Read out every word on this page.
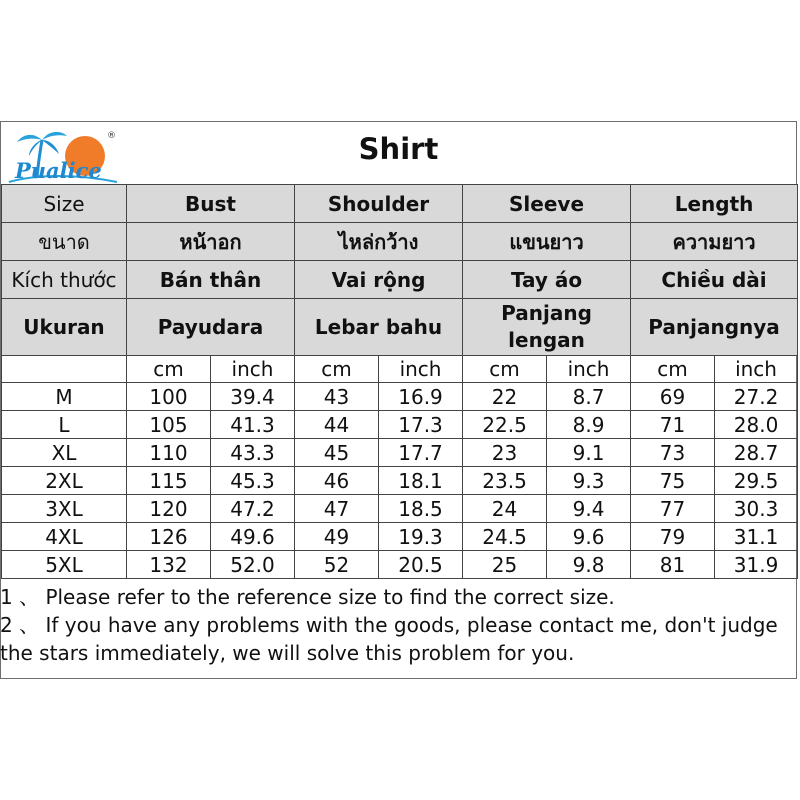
Pualice
®	Shirt
Size	Bust		Shoulder		Sleeve		Length	
ขนาด	หน้าอก		ไหล่กว้าง		แขนยาว		ความยาว	
Kích thước	Bán thân		Vai rộng		Tay áo		Chiều dài	
Ukuran	Payudara		Lebar bahu		Panjang lengan		Panjangnya	
	cm	inch	cm	inch	cm	inch	cm	inch
M	100	39.4	43	16.9	22	8.7	69	27.2
L	105	41.3	44	17.3	22.5	8.9	71	28.0
XL	110	43.3	45	17.7	23	9.1	73	28.7
2XL	115	45.3	46	18.1	23.5	9.3	75	29.5
3XL	120	47.2	47	18.5	24	9.4	77	30.3
4XL	126	49.6	49	19.3	24.5	9.6	79	31.1
5XL	132	52.0	52	20.5	25	9.8	81	31.9
1 、 Please refer to the reference size to find the correct size.
2 、 If you have any problems with the goods, please contact me, don't judge
the stars immediately, we will solve this problem for you.
